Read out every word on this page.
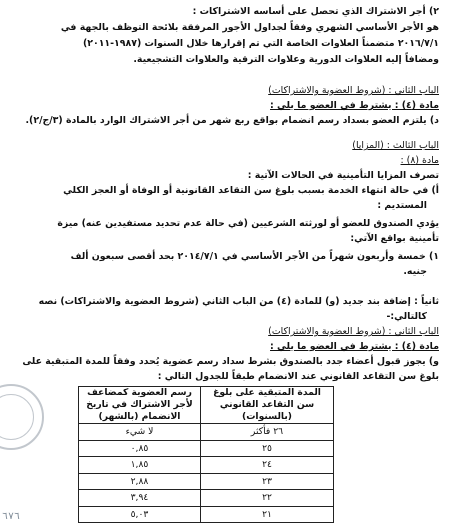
٢) أجر الاشتراك الذي تحصل على أساسه الاشتراكات :
هو الأجر الأساسي الشهري وفقاً لجداول الأجور المرفقة بلائحة التوظف بالجهة في
٢٠١٦/٧/١ متضمناً العلاوات الخاصة التي تم إقرارها خلال السنوات (١٩٨٧-٢٠١١)
ومضافاً إليه العلاوات الدورية وعلاوات الترقية والعلاوات التشجيعية.
الباب الثاني : (شروط العضوية والاشتراكات)
مادة (٤) : يشترط في العضو ما يلي :
د) يلتزم العضو بسداد رسم انضمام بواقع ربع شهر من أجر الاشتراك الوارد بالمادة (٣/ج/٢).
الباب الثالث : (المزايا)
مادة (٨) :
تصرف المزايا التأمينية في الحالات الآتية :
أ) في حالة انتهاء الخدمة بسبب بلوغ سن التقاعد القانونية أو الوفاة أو العجز الكلي
المستديم :
يؤدي الصندوق للعضو أو لورثته الشرعيين (في حالة عدم تحديد مستفيدين عنه) ميزة
تأمينية بواقع الآتي:
١) خمسة وأربعون شهراً من الأجر الأساسي في ٢٠١٤/٧/١ بحد أقصى سبعون ألف
جنيه.
ثانياً : إضافة بند جديد (و) للمادة (٤) من الباب الثاني (شروط العضوية والاشتراكات) نصه
كالتالي:-
الباب الثاني : (شروط العضوية والاشتراكات)
مادة (٤) : يشترط في العضو ما يلي :
و) يجوز قبول أعضاء جدد بالصندوق بشرط سداد رسم عضوية يُحدد وفقاً للمدة المتبقية على
بلوغ سن التقاعد القانوني عند الانضمام طبقاً للجدول التالي :
المدة المتبقية على بلوغ سن التقاعد القانوني (بالسنوات)	رسم العضوية كمضاعف لأجر الاشتراك في تاريخ الانضمام (بالشهر)
٢٦ فأكثر	لا شيء
٢٥	٠,٨٥
٢٤	١,٨٥
٢٣	٢,٨٨
٢٢	٣,٩٤
٢١	٥,٠٣
٦٧٦
